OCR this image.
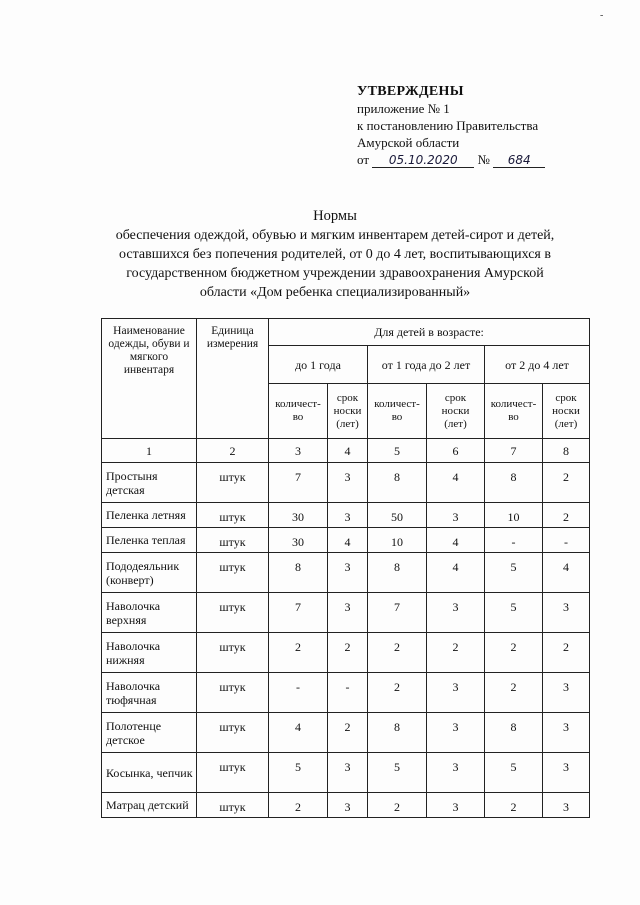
-
УТВЕРЖДЕНЫ
приложение № 1
к постановлению Правительства
Амурской области
от 05.10.2020 № 684
Нормы
обеспечения одеждой, обувью и мягким инвентарем детей-сирот и детей,
оставшихся без попечения родителей, от 0 до 4 лет, воспитывающихся в
государственном бюджетном учреждении здравоохранения Амурской
области «Дом ребенка специализированный»
Наименование одежды, обуви и мягкого инвентаря	Единица измерения	Для детей в возрасте:					
		до 1 года		от 1 года до 2 лет		от 2 до 4 лет	
		количест-во	срок носки (лет)	количест-во	срок носки (лет)	количест-во	срок носки (лет)
1	2	3	4	5	6	7	8
Простыня детская	штук	7	3	8	4	8	2
Пеленка летняя	штук	30	3	50	3	10	2
Пеленка теплая	штук	30	4	10	4	-	-
Пододеяльник (конверт)	штук	8	3	8	4	5	4
Наволочка верхняя	штук	7	3	7	3	5	3
Наволочка нижняя	штук	2	2	2	2	2	2
Наволочка тюфячная	штук	-	-	2	3	2	3
Полотенце детское	штук	4	2	8	3	8	3
Косынка, чепчик	штук	5	3	5	3	5	3
Матрац детский	штук	2	3	2	3	2	3
